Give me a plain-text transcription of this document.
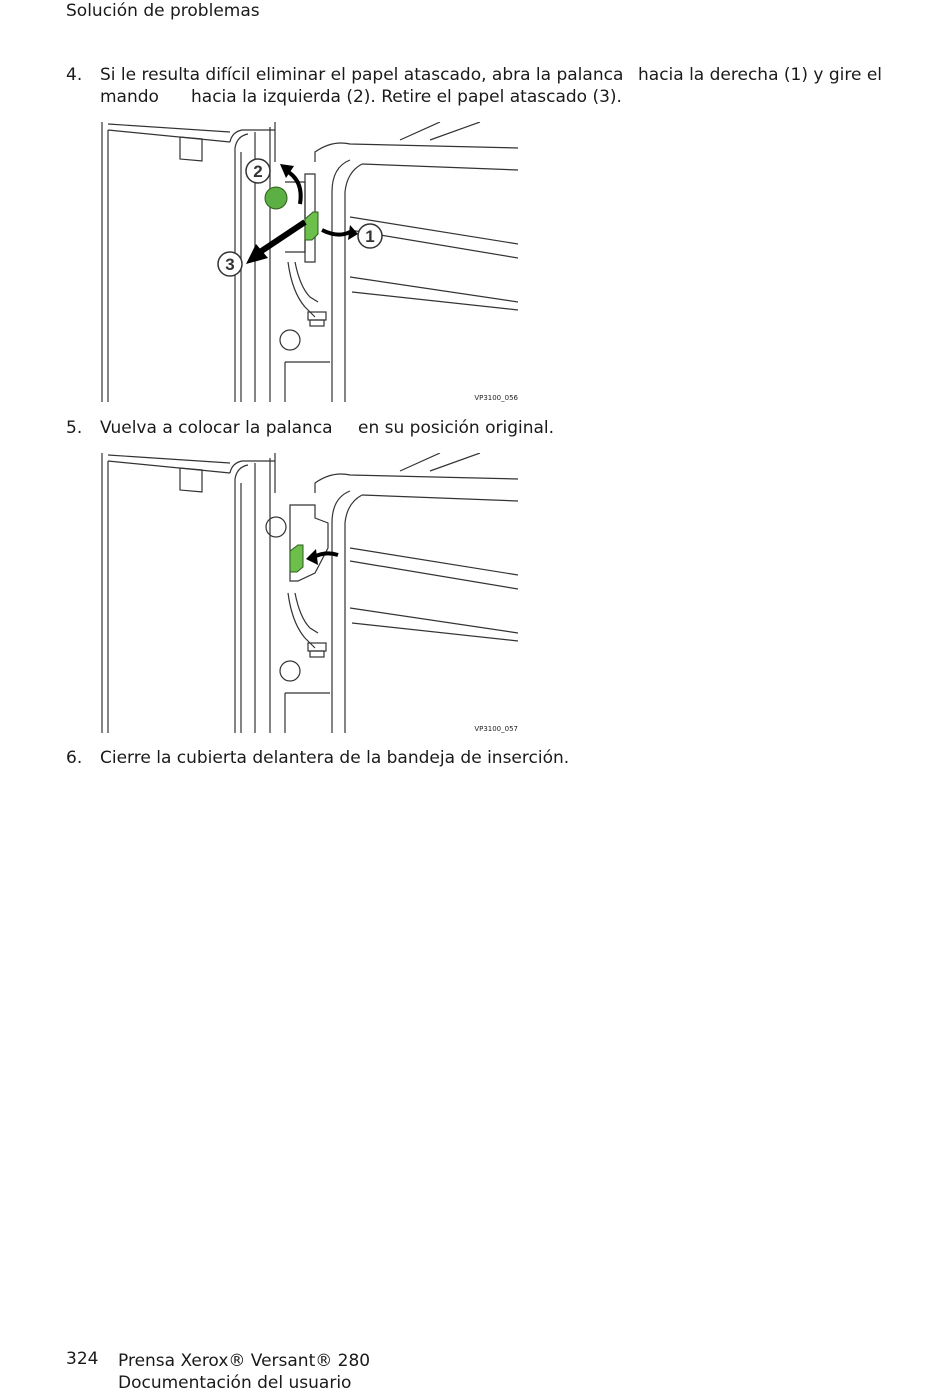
Solución de problemas
4. Si le resulta difícil eliminar el papel atascado, abra la palanca hacia la derecha (1) y gire el
mando hacia la izquierda (2). Retire el papel atascado (3).
1
2
3
VP3100_056
5. Vuelva a colocar la palanca en su posición original.
VP3100_057
6. Cierre la cubierta delantera de la bandeja de inserción.
324 Prensa Xerox® Versant® 280
Documentación del usuario
